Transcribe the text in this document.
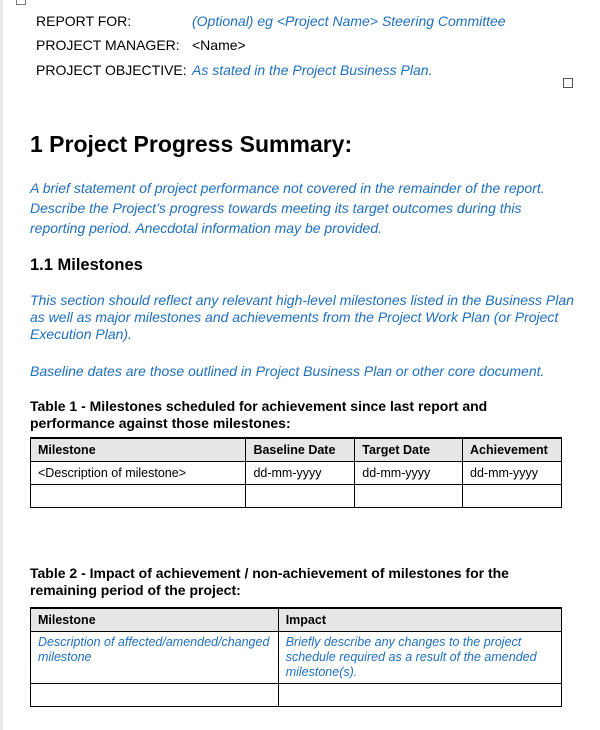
REPORT FOR:	(Optional) eg <Project Name> Steering Committee
PROJECT MANAGER: <Name>
PROJECT OBJECTIVE: As stated in the Project Business Plan.
1 Project Progress Summary:
A brief statement of project performance not covered in the remainder of the report. Describe the Project’s progress towards meeting its target outcomes during this reporting period. Anecdotal information may be provided.
1.1 Milestones
This section should reflect any relevant high-level milestones listed in the Business Plan as well as major milestones and achievements from the Project Work Plan (or Project Execution Plan).
Baseline dates are those outlined in Project Business Plan or other core document.
Table 1 - Milestones scheduled for achievement since last report and performance against those milestones:
Milestone	Baseline Date	Target Date	Achievement
<Description of milestone>	dd-mm-yyyy	dd-mm-yyyy	dd-mm-yyyy

Table 2 - Impact of achievement / non-achievement of milestones for the remaining period of the project:
Milestone	Impact
Description of affected/amended/changed milestone	Briefly describe any changes to the project schedule required as a result of the amended milestone(s).
